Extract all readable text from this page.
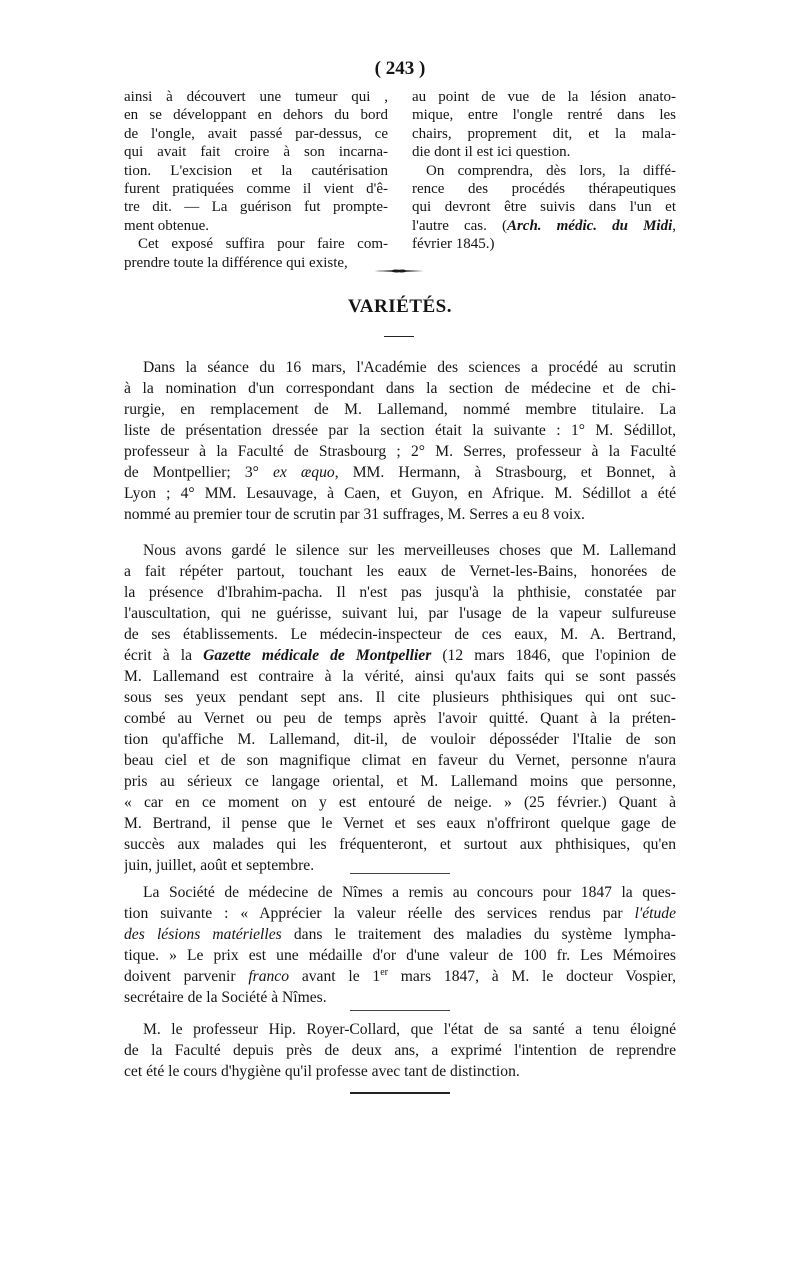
( 243 )
ainsi à découvert une tumeur qui ,
en se développant en dehors du bord
de l'ongle, avait passé par-dessus, ce
qui avait fait croire à son incarna-
tion. L'excision et la cautérisation
furent pratiquées comme il vient d'ê-
tre dit. — La guérison fut prompte-
ment obtenue.
Cet exposé suffira pour faire com-
prendre toute la différence qui existe,
au point de vue de la lésion anato-
mique, entre l'ongle rentré dans les
chairs, proprement dit, et la mala-
die dont il est ici question.
On comprendra, dès lors, la diffé-
rence des procédés thérapeutiques
qui devront être suivis dans l'un et
l'autre cas. (Arch. médic. du Midi,
février 1845.)
VARIÉTÉS.
Dans la séance du 16 mars, l'Académie des sciences a procédé au scrutin
à la nomination d'un correspondant dans la section de médecine et de chi-
rurgie, en remplacement de M. Lallemand, nommé membre titulaire. La
liste de présentation dressée par la section était la suivante : 1° M. Sédillot,
professeur à la Faculté de Strasbourg ; 2° M. Serres, professeur à la Faculté
de Montpellier; 3° ex æquo, MM. Hermann, à Strasbourg, et Bonnet, à
Lyon ; 4° MM. Lesauvage, à Caen, et Guyon, en Afrique. M. Sédillot a été
nommé au premier tour de scrutin par 31 suffrages, M. Serres a eu 8 voix.
Nous avons gardé le silence sur les merveilleuses choses que M. Lallemand
a fait répéter partout, touchant les eaux de Vernet-les-Bains, honorées de
la présence d'Ibrahim-pacha. Il n'est pas jusqu'à la phthisie, constatée par
l'auscultation, qui ne guérisse, suivant lui, par l'usage de la vapeur sulfureuse
de ses établissements. Le médecin-inspecteur de ces eaux, M. A. Bertrand,
écrit à la Gazette médicale de Montpellier (12 mars 1846, que l'opinion de
M. Lallemand est contraire à la vérité, ainsi qu'aux faits qui se sont passés
sous ses yeux pendant sept ans. Il cite plusieurs phthisiques qui ont suc-
combé au Vernet ou peu de temps après l'avoir quitté. Quant à la préten-
tion qu'affiche M. Lallemand, dit-il, de vouloir déposséder l'Italie de son
beau ciel et de son magnifique climat en faveur du Vernet, personne n'aura
pris au sérieux ce langage oriental, et M. Lallemand moins que personne,
« car en ce moment on y est entouré de neige. » (25 février.) Quant à
M. Bertrand, il pense que le Vernet et ses eaux n'offriront quelque gage de
succès aux malades qui les fréquenteront, et surtout aux phthisiques, qu'en
juin, juillet, août et septembre.
La Société de médecine de Nîmes a remis au concours pour 1847 la ques-
tion suivante : « Apprécier la valeur réelle des services rendus par l'étude
des lésions matérielles dans le traitement des maladies du système lympha-
tique. » Le prix est une médaille d'or d'une valeur de 100 fr. Les Mémoires
doivent parvenir franco avant le 1er mars 1847, à M. le docteur Vospier,
secrétaire de la Société à Nîmes.
M. le professeur Hip. Royer-Collard, que l'état de sa santé a tenu éloigné
de la Faculté depuis près de deux ans, a exprimé l'intention de reprendre
cet été le cours d'hygiène qu'il professe avec tant de distinction.
